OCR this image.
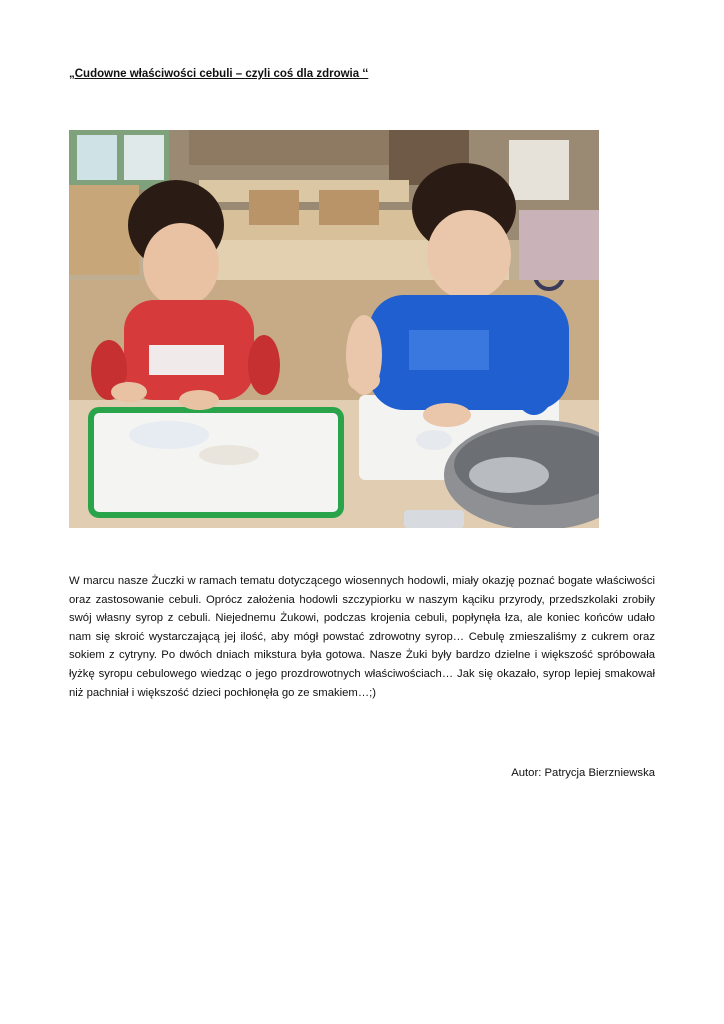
„Cudowne właściwości cebuli – czyli coś dla zdrowia ‘‘
W marcu nasze Żuczki w ramach tematu dotyczącego wiosennych hodowli, miały okazję poznać bogate właściwości oraz zastosowanie cebuli. Oprócz założenia hodowli szczypiorku w naszym kąciku przyrody, przedszkolaki zrobiły swój własny syrop z cebuli. Niejednemu Żukowi, podczas krojenia cebuli, popłynęła łza, ale koniec końców udało nam się skroić wystarczającą jej ilość, aby mógł powstać zdrowotny syrop… Cebulę zmieszaliśmy z cukrem oraz sokiem z cytryny. Po dwóch dniach mikstura była gotowa. Nasze Żuki były bardzo dzielne i większość spróbowała łyżkę syropu cebulowego wiedząc o jego prozdrowotnych właściwościach… Jak się okazało, syrop lepiej smakował niż pachniał i większość dzieci pochłonęła go ze smakiem…;)
Autor: Patrycja Bierzniewska
